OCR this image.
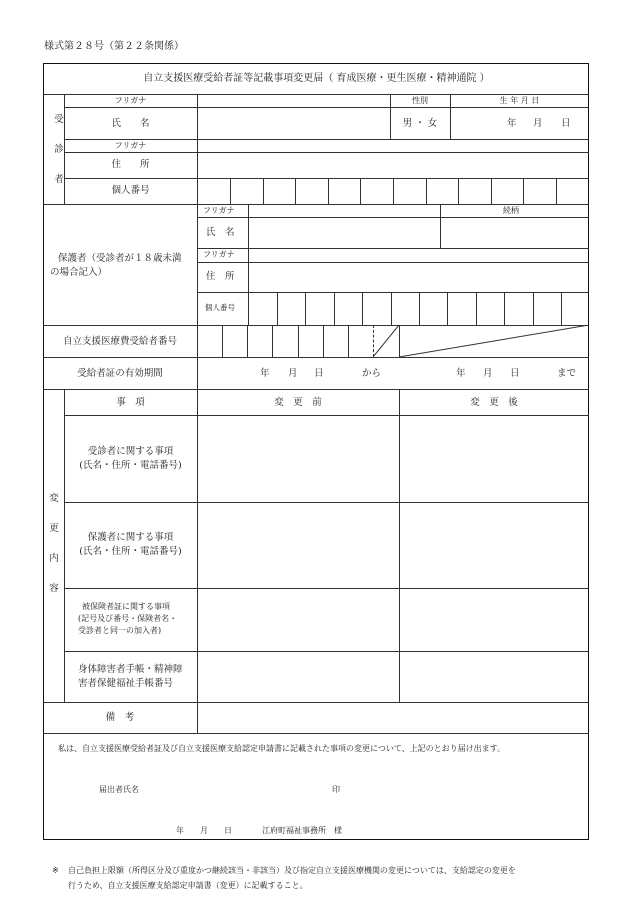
様式第２８号（第２２条関係）
自立支援医療受給者証等記載事項変更届（ 育成医療・更生医療・精神通院 ）
受
診
者
フリガナ	性別	生 年 月 日
氏　　名	男 ・ 女	年 月 日
フリガナ
住　　所
個人番号
保護者（受診者が１８歳未満
の場合記入）
フリガナ	続柄
氏　名
フリガナ
住　所
個人番号
自立支援医療費受給者番号
受給者証の有効期間	年 月 日	から	年 月 日	まで
変
更
内
容
事　項	変　更　前	変　更　後
受診者に関する事項
(氏名・住所・電話番号)
保護者に関する事項
(氏名・住所・電話番号)
被保険者証に関する事項
(記号及び番号・保険者名・
受診者と同一の加入者)
身体障害者手帳・精神障
害者保健福祉手帳番号
備　考
私は、自立支援医療受給者証及び自立支援医療支給認定申請書に記載された事項の変更について、上記のとおり届け出ます。
届出者氏名	印
年 月 日	江府町福祉事務所　様
※ 自己負担上限額（所得区分及び重度かつ継続該当・非該当）及び指定自立支援医療機関の変更については、支給認定の変更を
行うため、自立支援医療支給認定申請書（変更）に記載すること。
